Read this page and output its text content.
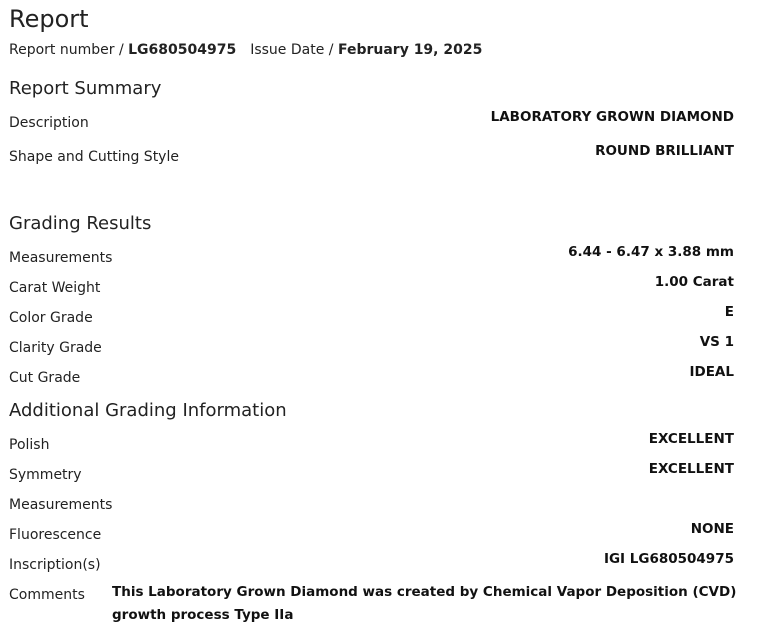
Report
Report number / LG680504975 Issue Date / February 19, 2025
Report Summary
Description	LABORATORY GROWN DIAMOND
Shape and Cutting Style	ROUND BRILLIANT
Grading Results
Measurements	6.44 - 6.47 x 3.88 mm
Carat Weight	1.00 Carat
Color Grade	E
Clarity Grade	VS 1
Cut Grade	IDEAL
Additional Grading Information
Polish	EXCELLENT
Symmetry	EXCELLENT
Measurements
Fluorescence	NONE
Inscription(s)	IGI LG680504975
Comments This Laboratory Grown Diamond was created by Chemical Vapor Deposition (CVD) growth process Type IIa
